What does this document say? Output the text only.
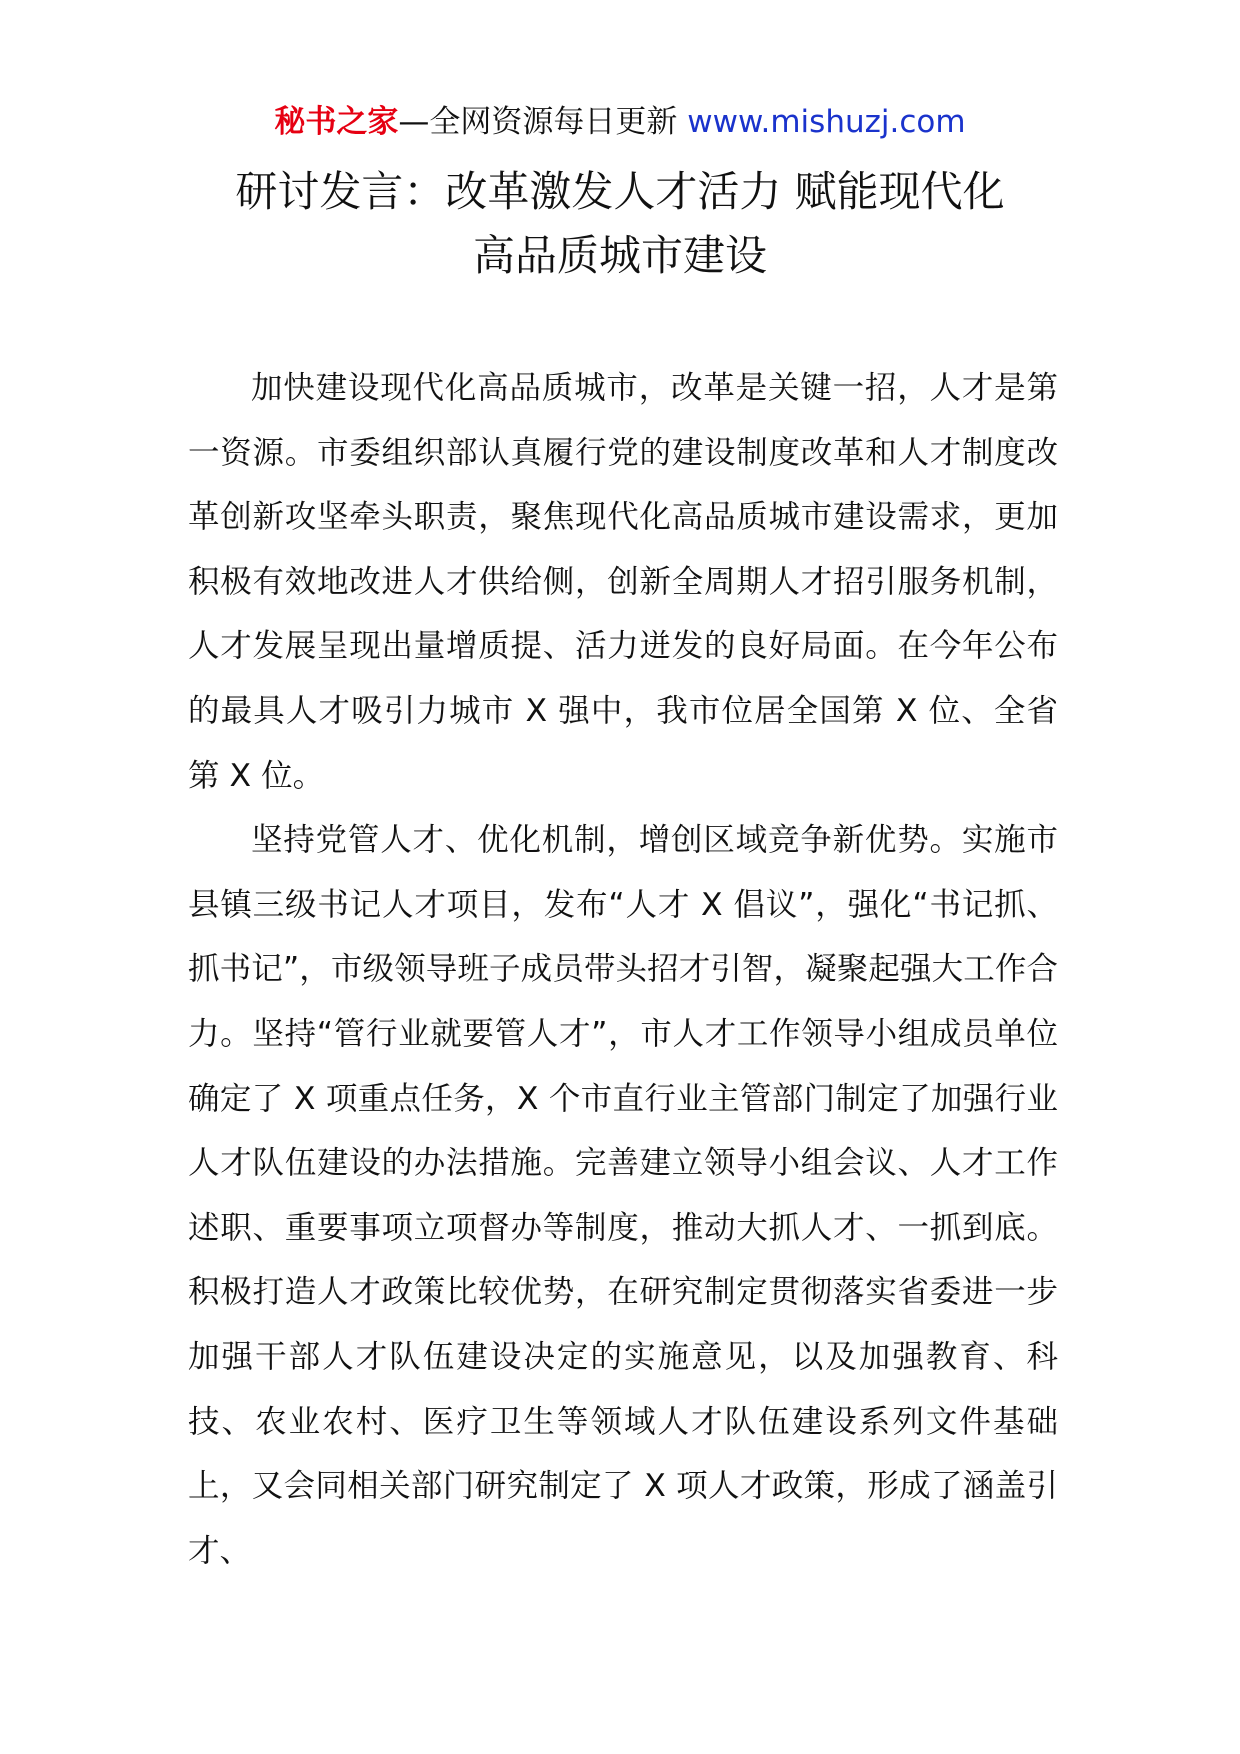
秘书之家—全网资源每日更新 www.mishuzj.com
研讨发言：改革激发人才活力 赋能现代化
高品质城市建设

加快建设现代化高品质城市，改革是关键一招，人才是第一资源。市委组织部认真履行党的建设制度改革和人才制度改革创新攻坚牵头职责，聚焦现代化高品质城市建设需求，更加积极有效地改进人才供给侧，创新全周期人才招引服务机制，人才发展呈现出量增质提、活力迸发的良好局面。在今年公布的最具人才吸引力城市 X 强中，我市位居全国第 X 位、全省第 X 位。

坚持党管人才、优化机制，增创区域竞争新优势。实施市县镇三级书记人才项目，发布“人才 X 倡议”，强化“书记抓、抓书记”，市级领导班子成员带头招才引智，凝聚起强大工作合力。坚持“管行业就要管人才”，市人才工作领导小组成员单位确定了 X 项重点任务，X 个市直行业主管部门制定了加强行业人才队伍建设的办法措施。完善建立领导小组会议、人才工作述职、重要事项立项督办等制度，推动大抓人才、一抓到底。积极打造人才政策比较优势，在研究制定贯彻落实省委进一步加强干部人才队伍建设决定的实施意见，以及加强教育、科技、农业农村、医疗卫生等领域人才队伍建设系列文件基础上，又会同相关部门研究制定了 X 项人才政策，形成了涵盖引才、
